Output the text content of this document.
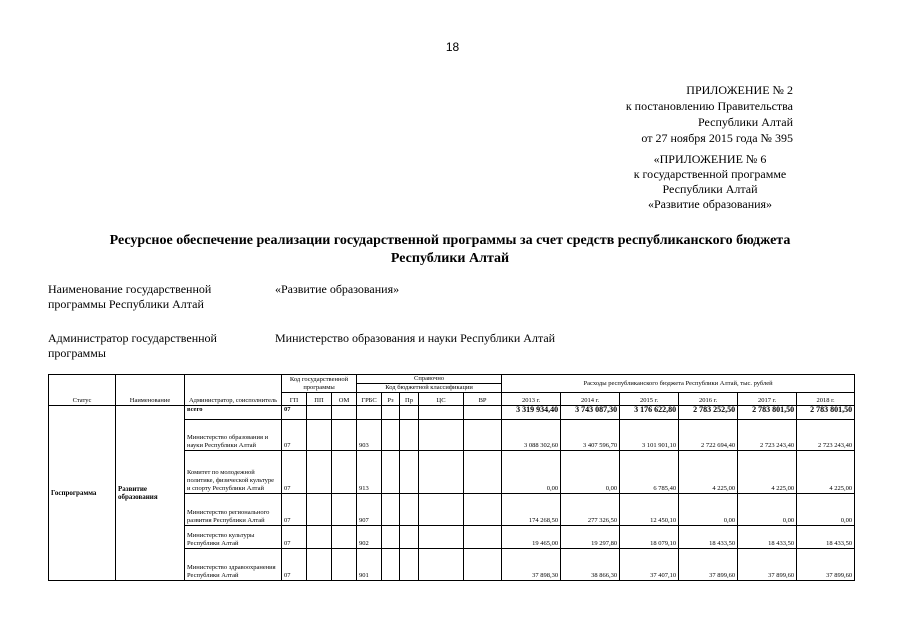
18
ПРИЛОЖЕНИЕ № 2
к постановлению Правительства
Республики Алтай
от 27 ноября 2015 года № 395
«ПРИЛОЖЕНИЕ № 6
к государственной программе
Республики Алтай
«Развитие образования»
Ресурсное обеспечение реализации государственной программы за счет средств республиканского бюджета
Республики Алтай
Наименование государственной
программы Республики Алтай
«Развитие образования»
Администратор государственной
программы
Министерство образования и науки Республики Алтай
Статус	Наименование	Администратор, соисполнитель	Код государственной программы			Справочно					Расходы республиканского бюджета Республики Алтай, тыс. рублей					
						Код бюджетной классификации										
			ГП	ПП	ОМ	ГРБС	Рз	Пр	ЦС	ВР	2013 г.	2014 г.	2015 г.	2016 г.	2017 г.	2018 г.
Госпрограмма	Развитие образования	всего	07								3 319 934,40	3 743 087,30	3 176 622,80	2 783 252,50	2 783 801,50	2 783 801,50
		Министерство образования и науки Республики Алтай	07			903					3 088 302,60	3 407 596,70	3 101 901,10	2 722 694,40	2 723 243,40	2 723 243,40
		Комитет по молодежной политике, физической культуре и спорту Республики Алтай	07			913					0,00	0,00	6 785,40	4 225,00	4 225,00	4 225,00
		Министерство регионального развития Республики Алтай	07			907					174 268,50	277 326,50	12 450,10	0,00	0,00	0,00
		Министерство культуры Республики Алтай	07			902					19 465,00	19 297,80	18 079,10	18 433,50	18 433,50	18 433,50
		Министерство здравоохранения Республики Алтай	07			901					37 898,30	38 866,30	37 407,10	37 899,60	37 899,60	37 899,60
